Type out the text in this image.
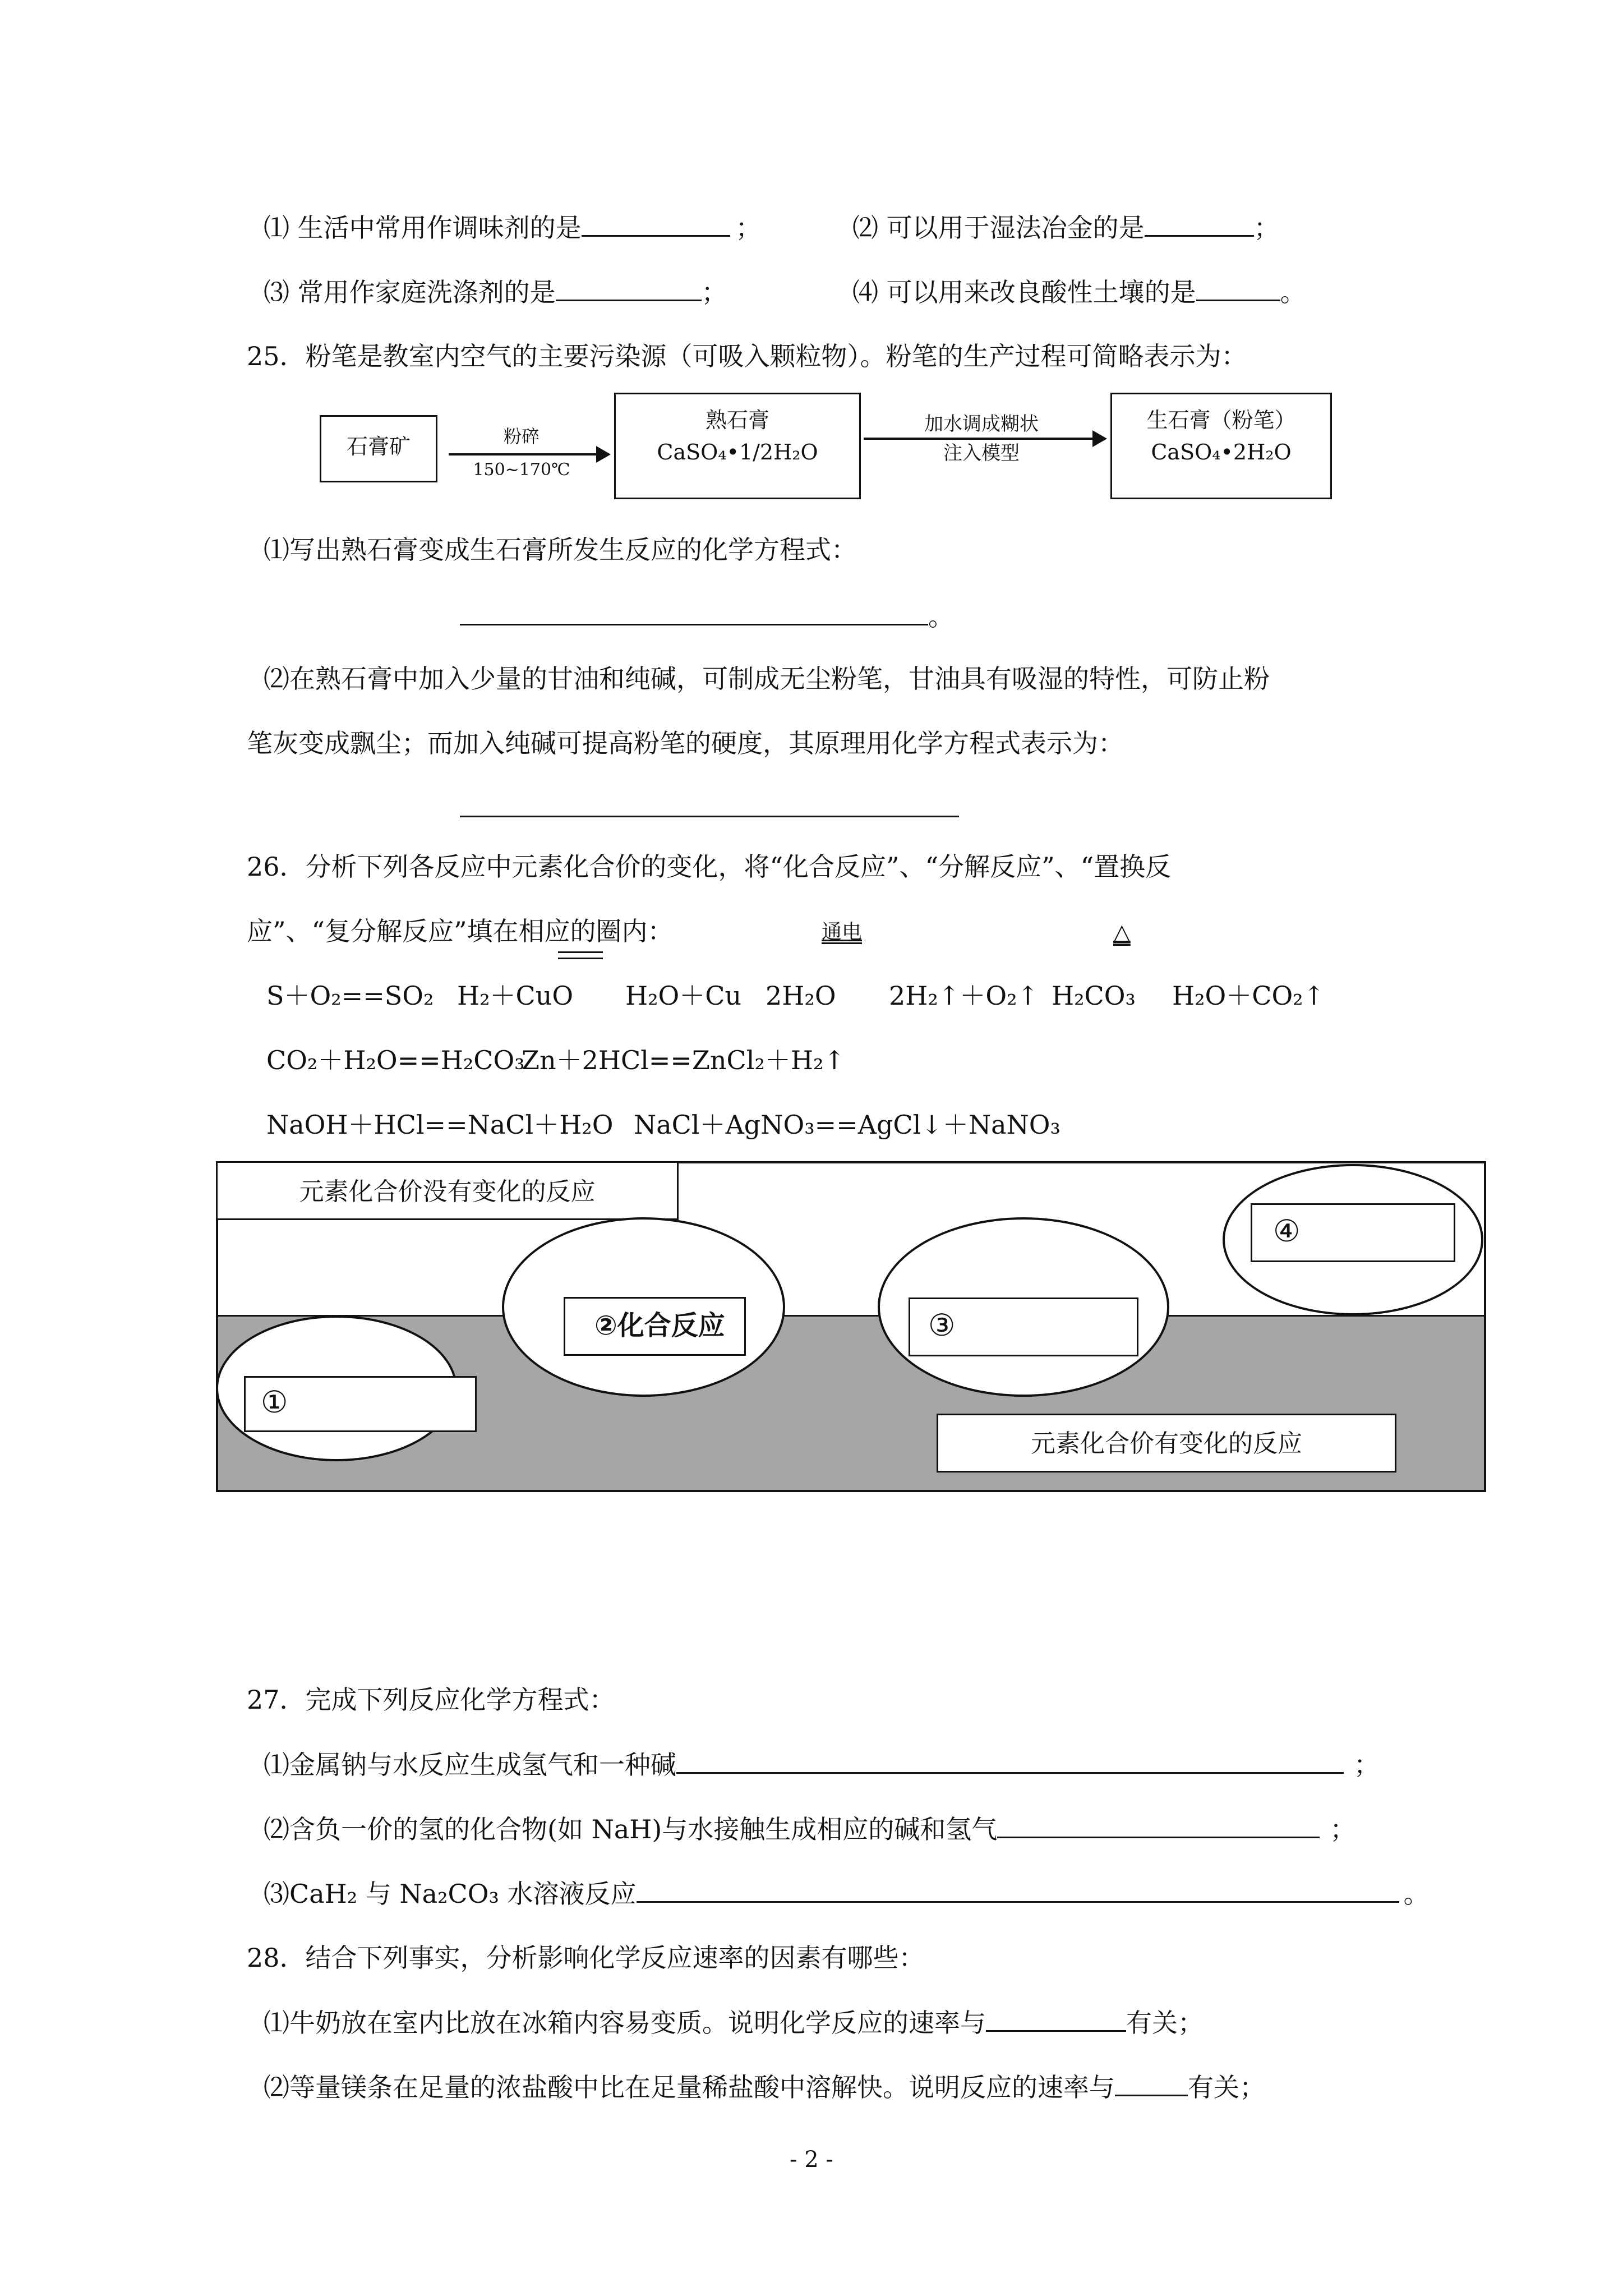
⑴ 生活中常用作调味剂的是	；	⑵ 可以用于湿法冶金的是	；
⑶ 常用作家庭洗涤剂的是	；	⑷ 可以用来改良酸性土壤的是	。
25．粉笔是教室内空气的主要污染源（可吸入颗粒物）。粉笔的生产过程可简略表示为：
石膏矿	粉碎
150~170℃
熟石膏
CaSO₄•1/2H₂O
加水调成糊状
注入模型
生石膏（粉笔）
CaSO₄•2H₂O
⑴写出熟石膏变成生石膏所发生反应的化学方程式：
。
⑵在熟石膏中加入少量的甘油和纯碱，可制成无尘粉笔，甘油具有吸湿的特性，可防止粉
笔灰变成飘尘；而加入纯碱可提高粉笔的硬度，其原理用化学方程式表示为：
26．分析下列各反应中元素化合价的变化，将“化合反应”、“分解反应”、“置换反
应”、“复分解反应”填在相应的圈内：	通电	△
S＋O₂==SO₂ H₂＋CuO H₂O＋Cu 2H₂O 2H₂↑＋O₂↑ H₂CO₃ H₂O＋CO₂↑
CO₂＋H₂O==H₂CO₃
Zn＋2HCl==ZnCl₂＋H₂↑
NaOH＋HCl==NaCl＋H₂O NaCl＋AgNO₃==AgCl↓＋NaNO₃
元素化合价没有变化的反应
①
②化合反应	③
④
元素化合价有变化的反应
27．完成下列反应化学方程式：
⑴金属钠与水反应生成氢气和一种碱	；
⑵含负一价的氢的化合物(如 NaH)与水接触生成相应的碱和氢气	；
⑶CaH₂ 与 Na₂CO₃ 水溶液反应	。
28．结合下列事实，分析影响化学反应速率的因素有哪些：
⑴牛奶放在室内比放在冰箱内容易变质。说明化学反应的速率与	有关；
⑵等量镁条在足量的浓盐酸中比在足量稀盐酸中溶解快。说明反应的速率与	有关；
- 2 -
